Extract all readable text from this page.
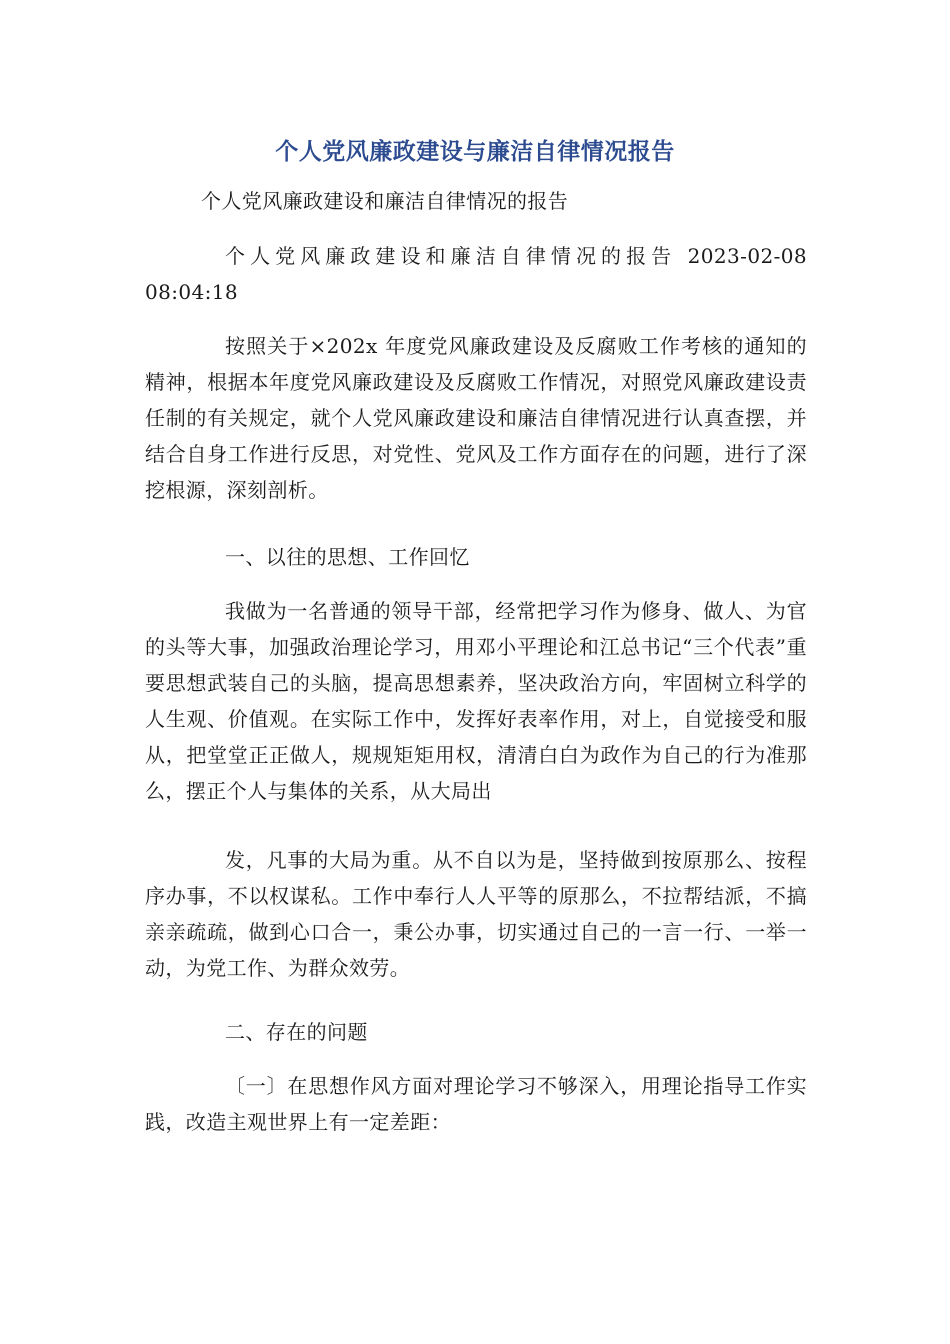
个人党风廉政建设与廉洁自律情况报告

个人党风廉政建设和廉洁自律情况的报告

个人党风廉政建设和廉洁自律情况的报告 2023-02-08 08:04:18

按照关于×202x 年度党风廉政建设及反腐败工作考核的通知的精神，根据本年度党风廉政建设及反腐败工作情况，对照党风廉政建设责任制的有关规定，就个人党风廉政建设和廉洁自律情况进行认真查摆，并结合自身工作进行反思，对党性、党风及工作方面存在的问题，进行了深挖根源，深刻剖析。

一、以往的思想、工作回忆

我做为一名普通的领导干部，经常把学习作为修身、做人、为官的头等大事，加强政治理论学习，用邓小平理论和江总书记“三个代表”重要思想武装自己的头脑，提高思想素养，坚决政治方向，牢固树立科学的人生观、价值观。在实际工作中，发挥好表率作用，对上，自觉接受和服从，把堂堂正正做人，规规矩矩用权，清清白白为政作为自己的行为准那么，摆正个人与集体的关系，从大局出

发，凡事的大局为重。从不自以为是，坚持做到按原那么、按程序办事，不以权谋私。工作中奉行人人平等的原那么，不拉帮结派，不搞亲亲疏疏，做到心口合一，秉公办事，切实通过自己的一言一行、一举一动，为党工作、为群众效劳。

二、存在的问题

〔一〕在思想作风方面对理论学习不够深入，用理论指导工作实践，改造主观世界上有一定差距：
